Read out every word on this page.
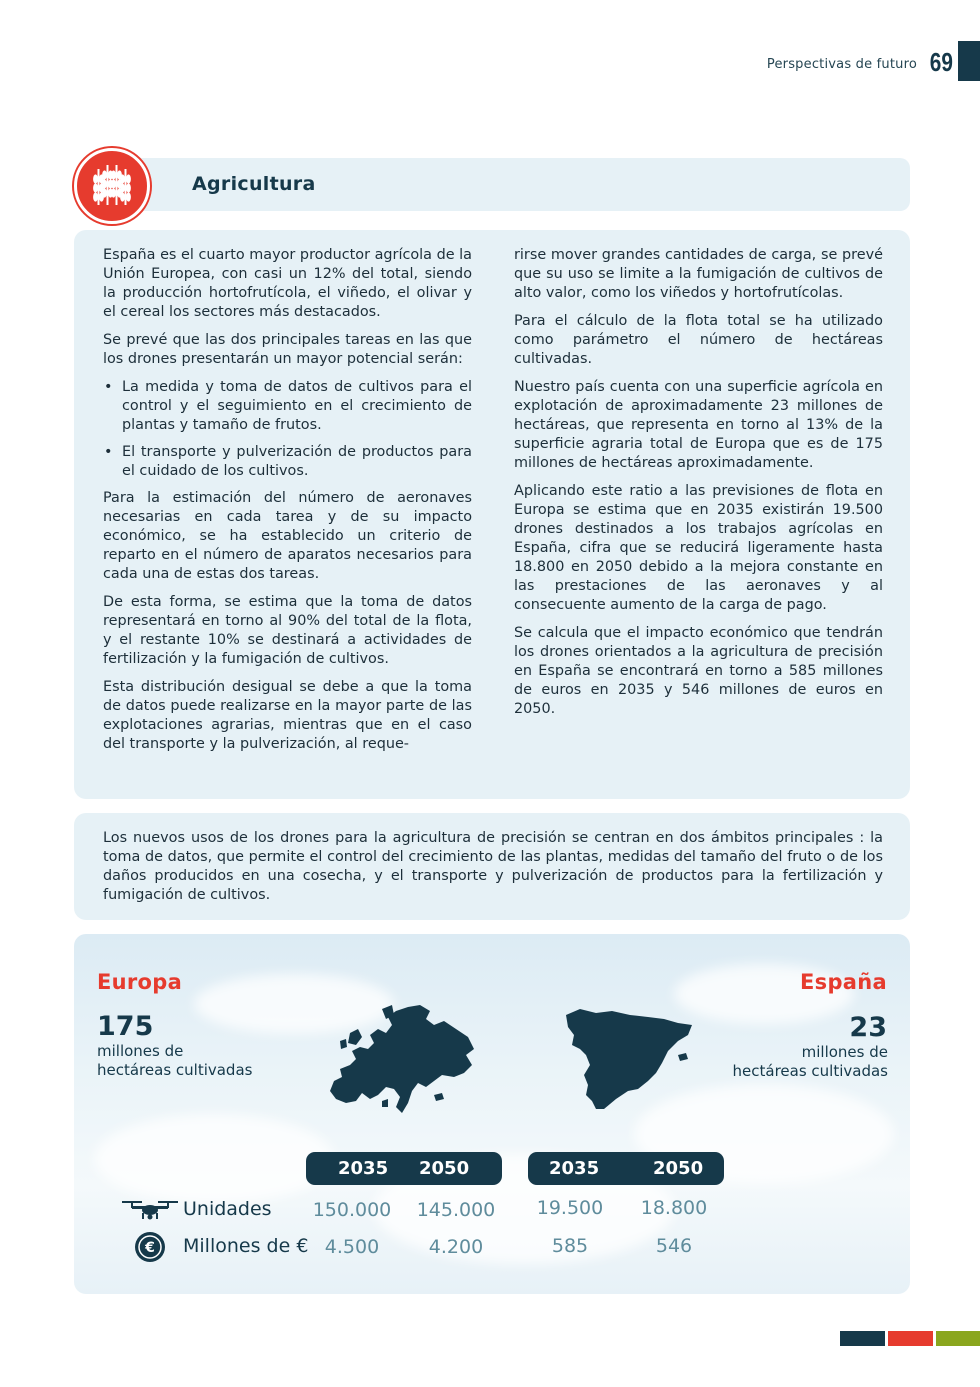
Perspectivas de futuro 69
Agricultura

España es el cuarto mayor productor agrícola de la Unión Europea, con casi un 12% del total, siendo la producción hortofrutícola, el viñedo, el olivar y el cereal los sectores más destacados.

Se prevé que las dos principales tareas en las que los drones presentarán un mayor potencial serán:

• La medida y toma de datos de cultivos para el control y el seguimiento en el crecimiento de plantas y tamaño de frutos.
• El transporte y pulverización de productos para el cuidado de los cultivos.

Para la estimación del número de aeronaves necesarias en cada tarea y de su impacto económico, se ha establecido un criterio de reparto en el número de aparatos necesarios para cada una de estas dos tareas.

De esta forma, se estima que la toma de datos representará en torno al 90% del total de la flota, y el restante 10% se destinará a actividades de fertilización y la fumigación de cultivos.

Esta distribución desigual se debe a que la toma de datos puede realizarse en la mayor parte de las explotaciones agrarias, mientras que en el caso del transporte y la pulverización, al reque-

rirse mover grandes cantidades de carga, se prevé que su uso se limite a la fumigación de cultivos de alto valor, como los viñedos y hortofrutícolas.

Para el cálculo de la flota total se ha utilizado como parámetro el número de hectáreas cultivadas.

Nuestro país cuenta con una superficie agrícola en explotación de aproximadamente 23 millones de hectáreas, que representa en torno al 13% de la superficie agraria total de Europa que es de 175 millones de hectáreas aproximadamente.

Aplicando este ratio a las previsiones de flota en Europa se estima que en 2035 existirán 19.500 drones destinados a los trabajos agrícolas en España, cifra que se reducirá ligeramente hasta 18.800 en 2050 debido a la mejora constante en las prestaciones de las aeronaves y al consecuente aumento de la carga de pago.

Se calcula que el impacto económico que tendrán los drones orientados a la agricultura de precisión en España se encontrará en torno a 585 millones de euros en 2035 y 546 millones de euros en 2050.

Los nuevos usos de los drones para la agricultura de precisión se centran en dos ámbitos principales : la toma de datos, que permite el control del crecimiento de las plantas, medidas del tamaño del fruto o de los daños producidos en una cosecha, y el transporte y pulverización de productos para la fertilización y fumigación de cultivos.
Europa
175
millones de
hectáreas cultivadas
España
23
millones de
hectáreas cultivadas
2035 2050	2035	2050
Unidades	150.000	145.000	19.500	18.800
€ Millones de € 4.500	4.200	585	546
